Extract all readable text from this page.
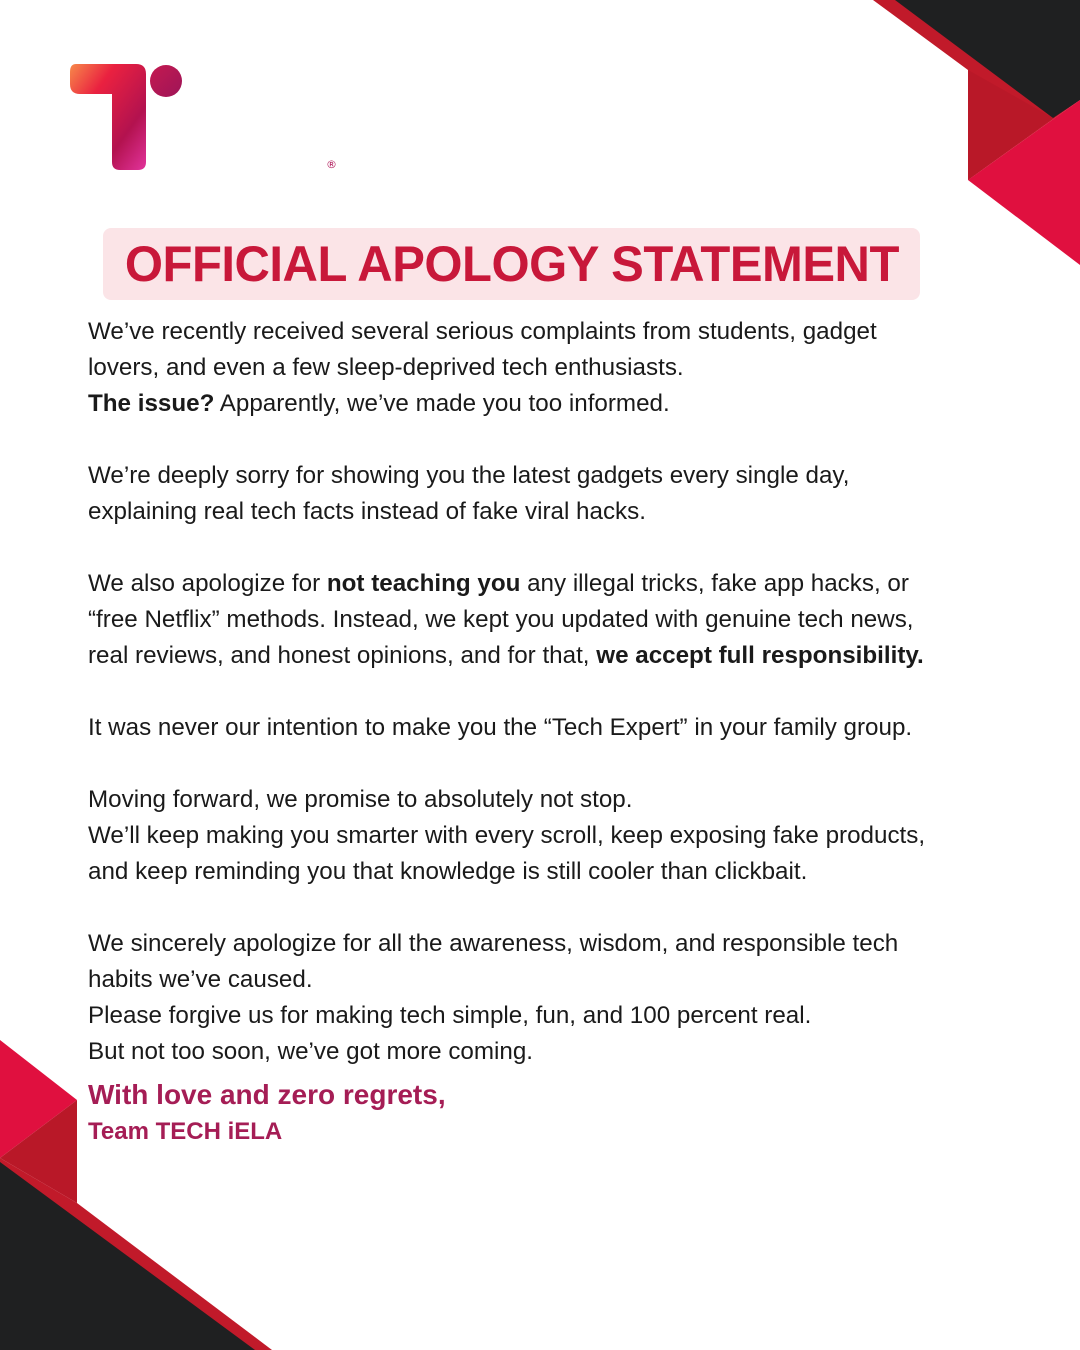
TECH
iELA ®
OFFICIAL APOLOGY STATEMENT

We’ve recently received several serious complaints from students, gadget
lovers, and even a few sleep-deprived tech enthusiasts.
The issue? Apparently, we’ve made you too informed.

We’re deeply sorry for showing you the latest gadgets every single day,
explaining real tech facts instead of fake viral hacks.

We also apologize for not teaching you any illegal tricks, fake app hacks, or
“free Netflix” methods. Instead, we kept you updated with genuine tech news,
real reviews, and honest opinions, and for that, we accept full responsibility.

It was never our intention to make you the “Tech Expert” in your family group.

Moving forward, we promise to absolutely not stop.
We’ll keep making you smarter with every scroll, keep exposing fake products,
and keep reminding you that knowledge is still cooler than clickbait.

We sincerely apologize for all the awareness, wisdom, and responsible tech
habits we’ve caused.
Please forgive us for making tech simple, fun, and 100 percent real.
But not too soon, we’ve got more coming.

With love and zero regrets,
Team TECH iELA
